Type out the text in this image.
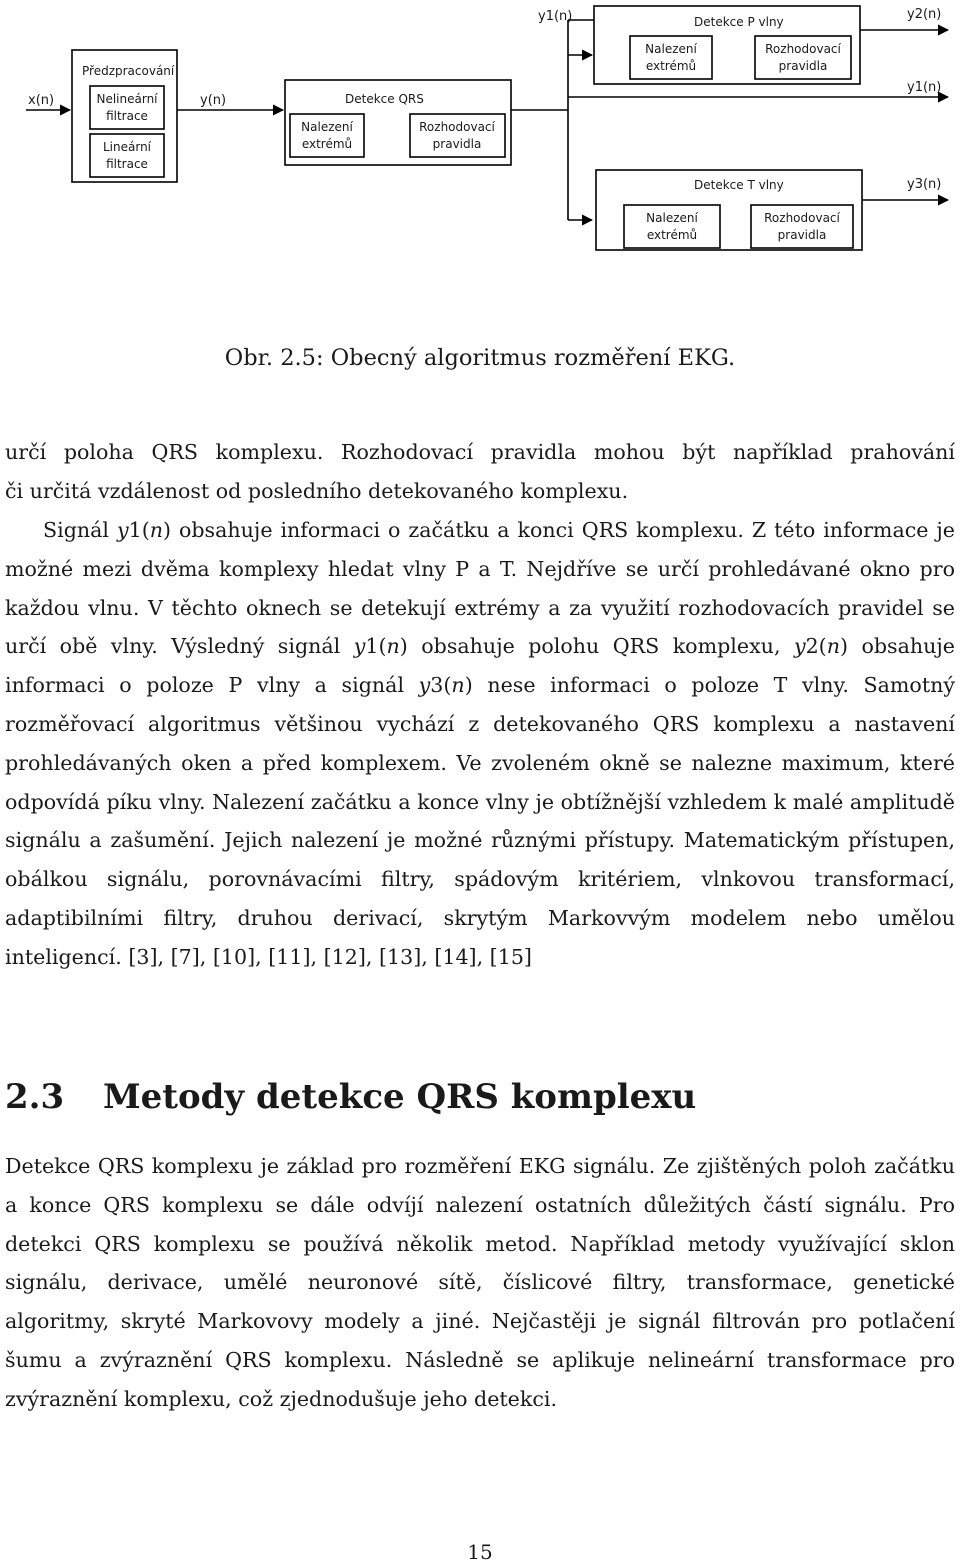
x(n)
Předzpracování
Nelineární
filtrace
Lineární
filtrace
y(n)	Detekce QRS
Nalezení
extrémů
Rozhodovací
pravidla
y1(n)	Detekce P vlny
Nalezení
extrémů
Rozhodovací
pravidla
y2(n)
y1(n)
Detekce T vlny
Nalezení
extrémů
Rozhodovací
pravidla
y3(n)
Obr. 2.5: Obecný algoritmus rozměření EKG.
určí poloha QRS komplexu. Rozhodovací pravidla mohou být například prahování
či určitá vzdálenost od posledního detekovaného komplexu.

Signál y1(n) obsahuje informaci o začátku a konci QRS komplexu. Z této informace je možné mezi dvěma komplexy hledat vlny P a T. Nejdříve se určí prohledávané okno pro každou vlnu. V těchto oknech se detekují extrémy a za využití rozhodovacích pravidel se určí obě vlny. Výsledný signál y1(n) obsahuje polohu QRS komplexu, y2(n) obsahuje informaci o poloze P vlny a signál y3(n) nese informaci o poloze T vlny. Samotný rozměřovací algoritmus většinou vychází z detekovaného QRS komplexu a nastavení prohledávaných oken a před komplexem. Ve zvoleném okně se nalezne maximum, které odpovídá píku vlny. Nalezení začátku a konce vlny je obtížnější vzhledem k malé amplitudě signálu a zašumění. Jejich nalezení je možné různými přístupy. Matematickým přístupen, obálkou signálu, porovnávacími filtry, spádovým kritériem, vlnkovou transformací, adaptibilními filtry, druhou derivací, skrytým Markovvým modelem nebo umělou inteligencí. [3], [7], [10], [11], [12], [13], [14], [15]

2.3 Metody detekce QRS komplexu

Detekce QRS komplexu je základ pro rozměření EKG signálu. Ze zjištěných poloh začátku a konce QRS komplexu se dále odvíjí nalezení ostatních důležitých částí signálu. Pro detekci QRS komplexu se používá několik metod. Například metody využívající sklon signálu, derivace, umělé neuronové sítě, číslicové filtry, transformace, genetické algoritmy, skryté Markovovy modely a jiné. Nejčastěji je signál filtrován pro potlačení šumu a zvýraznění QRS komplexu. Následně se aplikuje nelineární transformace pro zvýraznění komplexu, což zjednodušuje jeho detekci.

15
